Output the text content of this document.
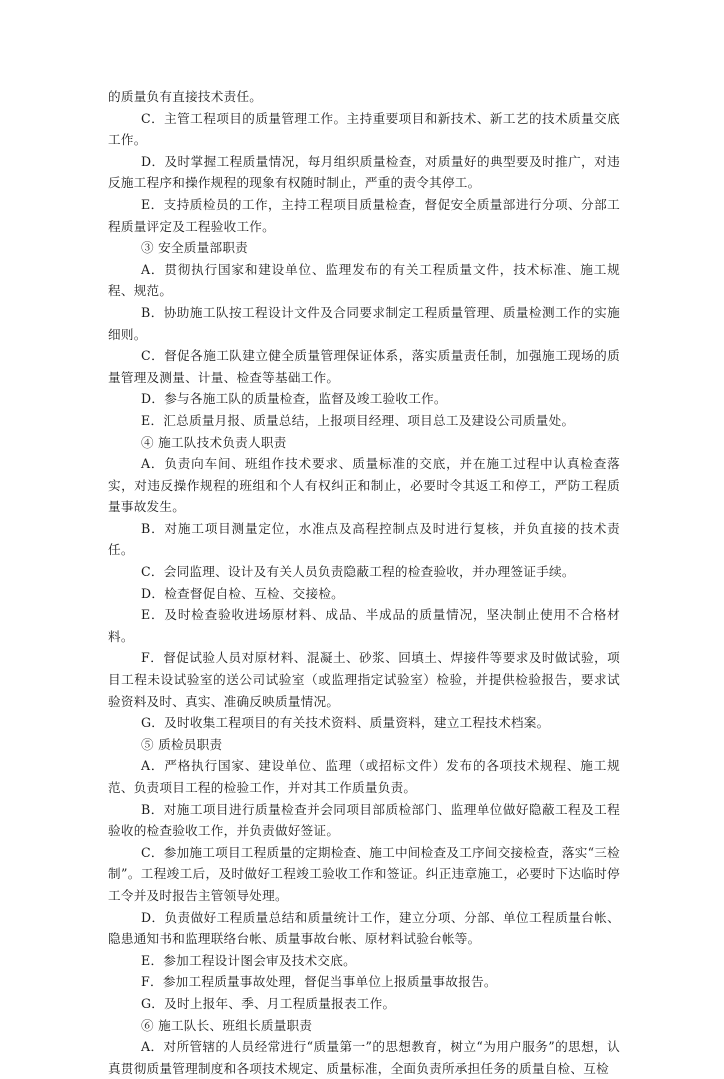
的质量负有直接技术责任。

C．主管工程项目的质量管理工作。主持重要项目和新技术、新工艺的技术质量交底工作。

D．及时掌握工程质量情况，每月组织质量检查，对质量好的典型要及时推广，对违反施工程序和操作规程的现象有权随时制止，严重的责令其停工。

E．支持质检员的工作，主持工程项目质量检查，督促安全质量部进行分项、分部工程质量评定及工程验收工作。

③ 安全质量部职责

A．贯彻执行国家和建设单位、监理发布的有关工程质量文件，技术标准、施工规程、规范。

B．协助施工队按工程设计文件及合同要求制定工程质量管理、质量检测工作的实施细则。

C．督促各施工队建立健全质量管理保证体系，落实质量责任制，加强施工现场的质量管理及测量、计量、检查等基础工作。

D．参与各施工队的质量检查，监督及竣工验收工作。

E．汇总质量月报、质量总结，上报项目经理、项目总工及建设公司质量处。

④ 施工队技术负责人职责

A．负责向车间、班组作技术要求、质量标准的交底，并在施工过程中认真检查落实，对违反操作规程的班组和个人有权纠正和制止，必要时令其返工和停工，严防工程质量事故发生。

B．对施工项目测量定位，水准点及高程控制点及时进行复核，并负直接的技术责任。

C．会同监理、设计及有关人员负责隐蔽工程的检查验收，并办理签证手续。

D．检查督促自检、互检、交接检。

E．及时检查验收进场原材料、成品、半成品的质量情况，坚决制止使用不合格材料。

F．督促试验人员对原材料、混凝土、砂浆、回填土、焊接件等要求及时做试验，项目工程未设试验室的送公司试验室（或监理指定试验室）检验，并提供检验报告，要求试验资料及时、真实、准确反映质量情况。

G．及时收集工程项目的有关技术资料、质量资料，建立工程技术档案。

⑤ 质检员职责

A．严格执行国家、建设单位、监理（或招标文件）发布的各项技术规程、施工规范、负责项目工程的检验工作，并对其工作质量负责。

B．对施工项目进行质量检查并会同项目部质检部门、监理单位做好隐蔽工程及工程验收的检查验收工作，并负责做好签证。

C．参加施工项目工程质量的定期检查、施工中间检查及工序间交接检查，落实“三检制”。工程竣工后，及时做好工程竣工验收工作和签证。纠正违章施工，必要时下达临时停工令并及时报告主管领导处理。

D．负责做好工程质量总结和质量统计工作，建立分项、分部、单位工程质量台帐、隐患通知书和监理联络台帐、质量事故台帐、原材料试验台帐等。

E．参加工程设计图会审及技术交底。

F．参加工程质量事故处理，督促当事单位上报质量事故报告。

G．及时上报年、季、月工程质量报表工作。

⑥ 施工队长、班组长质量职责

A．对所管辖的人员经常进行“质量第一”的思想教育，树立“为用户服务”的思想，认真贯彻质量管理制度和各项技术规定、质量标准，全面负责所承担任务的质量自检、互检
